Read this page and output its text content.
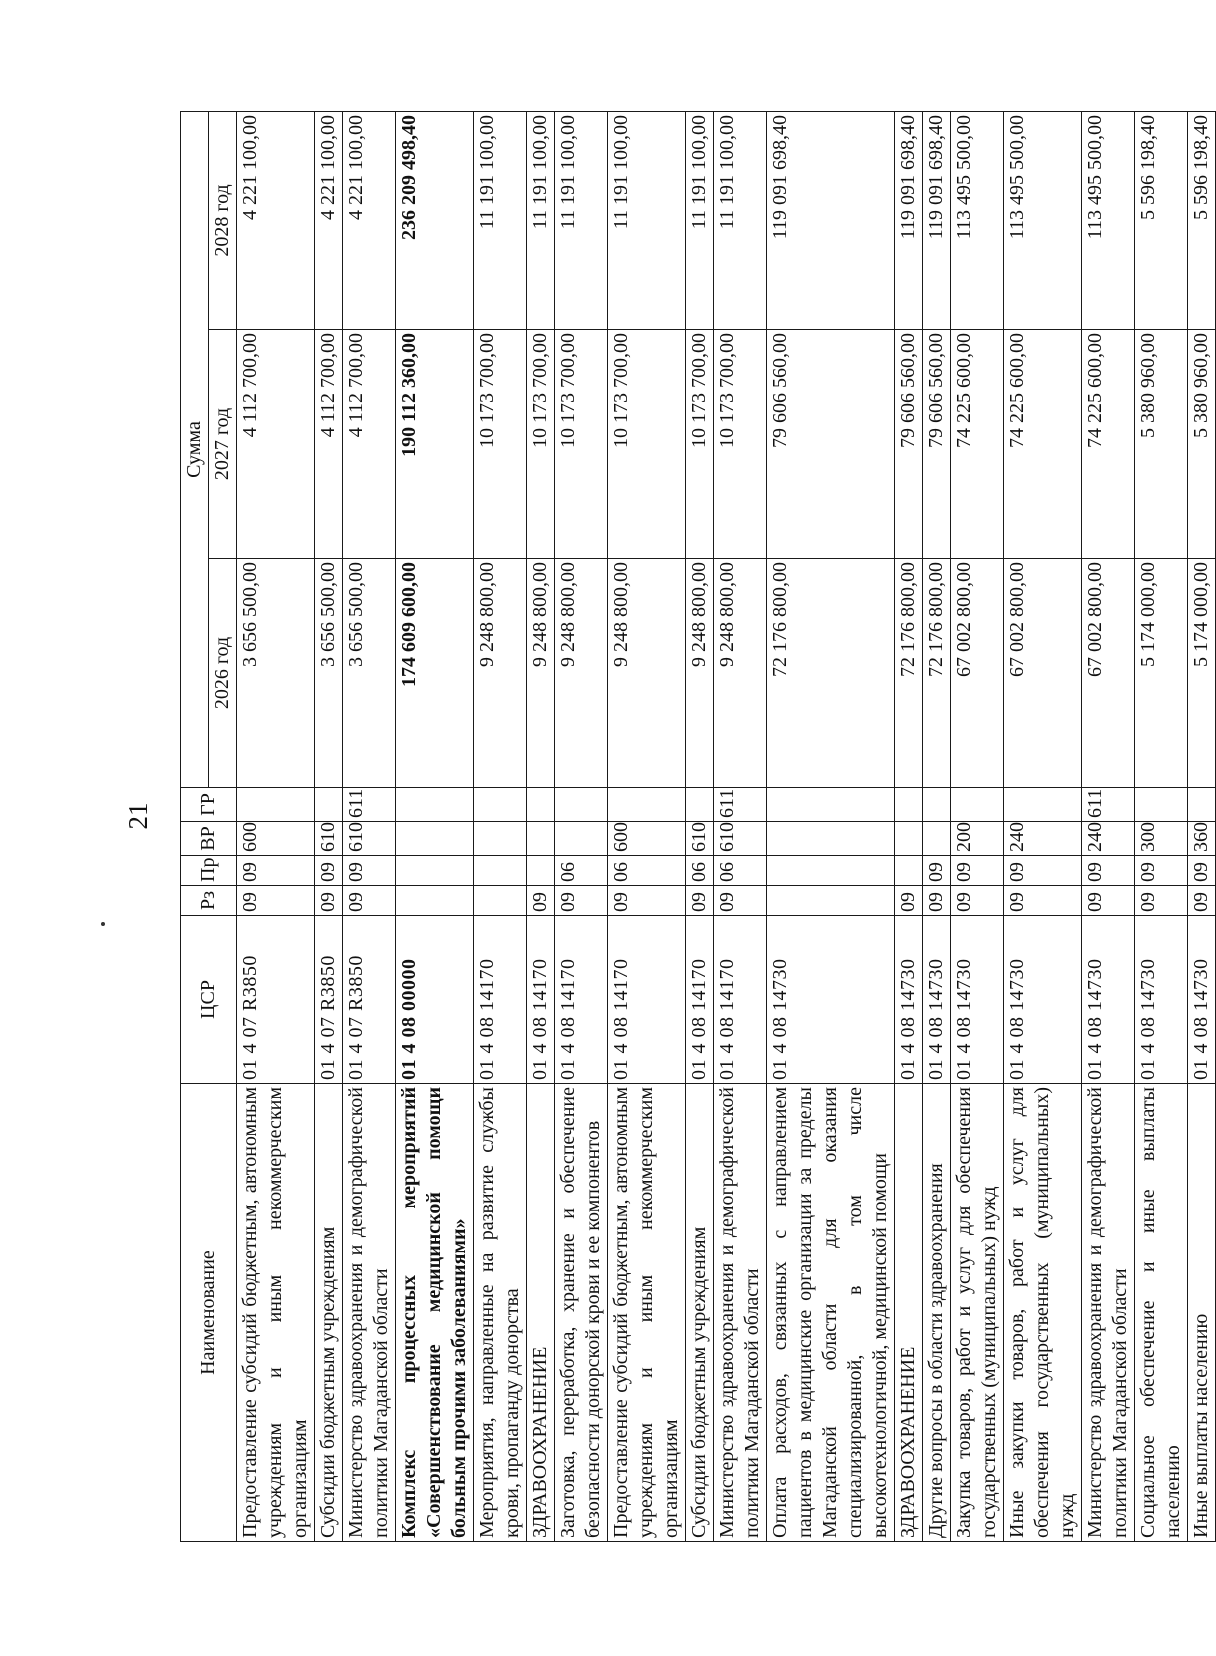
21
Наименование	ЦСР	Рз	Пр	ВР	ГР	Сумма		
						2026 год	2027 год	2028 год
Предоставление субсидий бюджетным, автономным учреждениям и иным некоммерческим организациям	01 4 07 R3850	09	09	600		3 656 500,00	4 112 700,00	4 221 100,00
Субсидии бюджетным учреждениям	01 4 07 R3850	09	09	610		3 656 500,00	4 112 700,00	4 221 100,00
Министерство здравоохранения и демографической политики Магаданской области	01 4 07 R3850	09	09	610	611	3 656 500,00	4 112 700,00	4 221 100,00
Комплекс процессных мероприятий «Совершенствование медицинской помощи больным прочими заболеваниями»	01 4 08 00000					174 609 600,00	190 112 360,00	236 209 498,40
Мероприятия, направленные на развитие службы крови, пропаганду донорства	01 4 08 14170					9 248 800,00	10 173 700,00	11 191 100,00
ЗДРАВООХРАНЕНИЕ	01 4 08 14170	09				9 248 800,00	10 173 700,00	11 191 100,00
Заготовка, переработка, хранение и обеспечение безопасности донорской крови и ее компонентов	01 4 08 14170	09	06			9 248 800,00	10 173 700,00	11 191 100,00
Предоставление субсидий бюджетным, автономным учреждениям и иным некоммерческим организациям	01 4 08 14170	09	06	600		9 248 800,00	10 173 700,00	11 191 100,00
Субсидии бюджетным учреждениям	01 4 08 14170	09	06	610		9 248 800,00	10 173 700,00	11 191 100,00
Министерство здравоохранения и демографической политики Магаданской области	01 4 08 14170	09	06	610	611	9 248 800,00	10 173 700,00	11 191 100,00
Оплата расходов, связанных с направлением пациентов в медицинские организации за пределы Магаданской области для оказания специализированной, в том числе высокотехнологичной, медицинской помощи	01 4 08 14730					72 176 800,00	79 606 560,00	119 091 698,40
ЗДРАВООХРАНЕНИЕ	01 4 08 14730	09				72 176 800,00	79 606 560,00	119 091 698,40
Другие вопросы в области здравоохранения	01 4 08 14730	09	09			72 176 800,00	79 606 560,00	119 091 698,40
Закупка товаров, работ и услуг для обеспечения государственных (муниципальных) нужд	01 4 08 14730	09	09	200		67 002 800,00	74 225 600,00	113 495 500,00
Иные закупки товаров, работ и услуг для обеспечения государственных (муниципальных) нужд	01 4 08 14730	09	09	240		67 002 800,00	74 225 600,00	113 495 500,00
Министерство здравоохранения и демографической политики Магаданской области	01 4 08 14730	09	09	240	611	67 002 800,00	74 225 600,00	113 495 500,00
Социальное обеспечение и иные выплаты населению	01 4 08 14730	09	09	300		5 174 000,00	5 380 960,00	5 596 198,40
Иные выплаты населению	01 4 08 14730	09	09	360		5 174 000,00	5 380 960,00	5 596 198,40
